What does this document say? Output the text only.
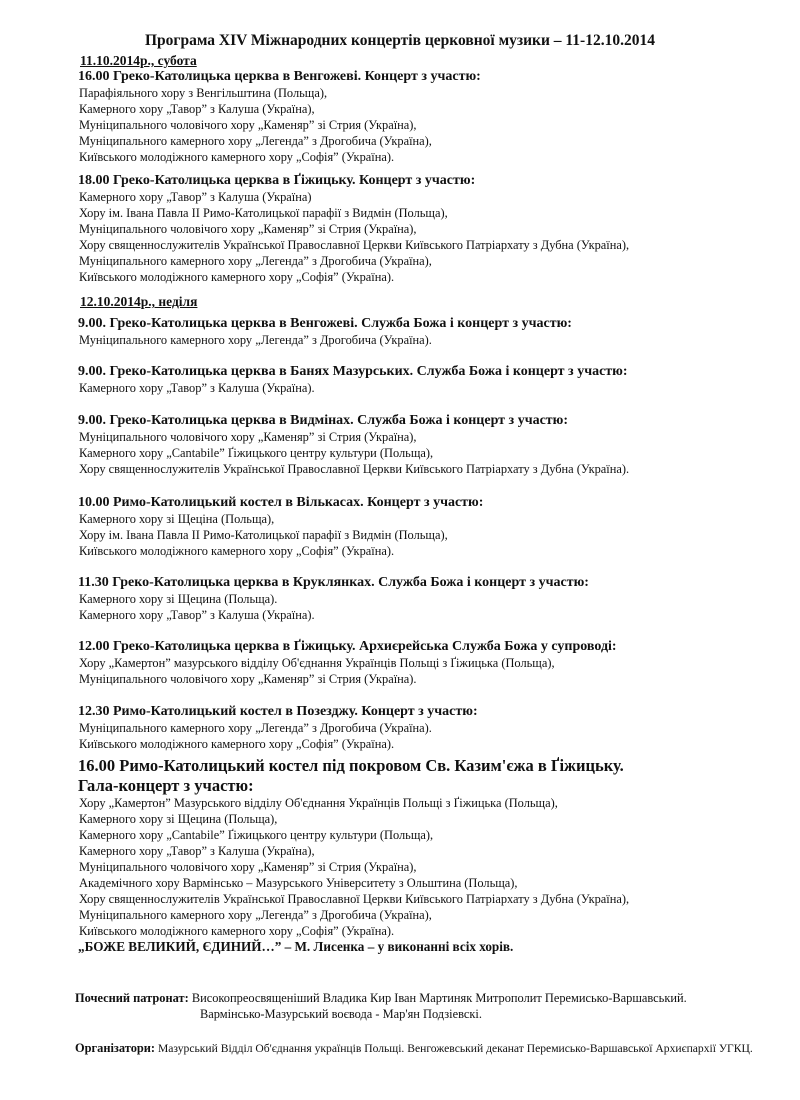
Програма XIV Міжнародних концертів церковної музики – 11-12.10.2014
11.10.2014р., субота
16.00 Греко-Католицька церква в Венгожеві. Концерт з участю:
Парафіяльного хору з Венгільштина (Польща),
Камерного хору „Тавор” з Калуша (Україна),
Муніципального чоловічого хору „Каменяр” зі Стрия (Україна),
Муніципального камерного хору „Легенда” з Дрогобича (Україна),
Київського молодіжного камерного хору „Софія” (Україна).
18.00 Греко-Католицька церква в Ґіжицьку. Концерт з участю:
Камерного хору „Тавор” з Калуша (Україна)
Хору ім. Івана Павла ІІ Римо-Католицької парафії з Видмін (Польща),
Муніципального чоловічого хору „Каменяр” зі Стрия (Україна),
Хору священнослужителів Української Православної Церкви Київського Патріархату з Дубна (Україна),
Муніципального камерного хору „Легенда” з Дрогобича (Україна),
Київського молодіжного камерного хору „Софія” (Україна).
12.10.2014р., неділя
9.00. Греко-Католицька церква в Венгожеві. Служба Божа і концерт з участю:
Муніципального камерного хору „Легенда” з Дрогобича (Україна).
9.00. Греко-Католицька церква в Банях Мазурських. Служба Божа і концерт з участю:
Камерного хору „Тавор” з Калуша (Україна).
9.00. Греко-Католицька церква в Видмінах. Служба Божа і концерт з участю:
Муніципального чоловічого хору „Каменяр” зі Стрия (Україна),
Камерного хору „Cantabile” Ґіжицького центру культури (Польща),
Хору священнослужителів Української Православної Церкви Київського Патріархату з Дубна (Україна).
10.00 Римо-Католицький костел в Вількасах. Концерт з участю:
Камерного хору зі Щеціна (Польща),
Хору ім. Івана Павла ІІ Римо-Католицької парафії з Видмін (Польща),
Київського молодіжного камерного хору „Софія” (Україна).
11.30 Греко-Католицька церква в Круклянках. Служба Божа і концерт з участю:
Камерного хору зі Щецина (Польща).
Камерного хору „Тавор” з Калуша (Україна).
12.00 Греко-Католицька церква в Ґіжицьку. Архиєрейська Служба Божа у супроводі:
Хору „Камертон” мазурського відділу Об'єднання Українців Польщі з Ґіжицька (Польща),
Муніципального чоловічого хору „Каменяр” зі Стрия (Україна).
12.30 Римо-Католицький костел в Позезджу. Концерт з участю:
Муніципального камерного хору „Легенда” з Дрогобича (Україна).
Київського молодіжного камерного хору „Софія” (Україна).
16.00 Римо-Католицький костел під покровом Св. Казим'єжа в Ґіжицьку.
Гала-концерт з участю:
Хору „Камертон” Мазурського відділу Об'єднання Українців Польщі з Ґіжицька (Польща),
Камерного хору зі Щецина (Польща),
Камерного хору „Cantabile” Ґіжицького центру культури (Польща),
Камерного хору „Тавор” з Калуша (Україна),
Муніципального чоловічого хору „Каменяр” зі Стрия (Україна),
Академічного хору Вармінсько – Мазурського Університету з Ольштина (Польща),
Хору священнослужителів Української Православної Церкви Київського Патріархату з Дубна (Україна),
Муніципального камерного хору „Легенда” з Дрогобича (Україна),
Київського молодіжного камерного хору „Софія” (Україна).
„БОЖЕ ВЕЛИКИЙ, ЄДИНИЙ…” – М. Лисенка – у виконанні всіх хорів.
Почесний патронат: Високопреосвященіший Владика Кир Іван Мартиняк Митрополит Перемисько-Варшавський.
Вармінсько-Мазурський воєвода - Мар'ян Подзіевскі.
Організатори: Мазурський Відділ Об'єднання українців Польщі. Венгожевський деканат Перемисько-Варшавської Архиєпархії УГКЦ.
